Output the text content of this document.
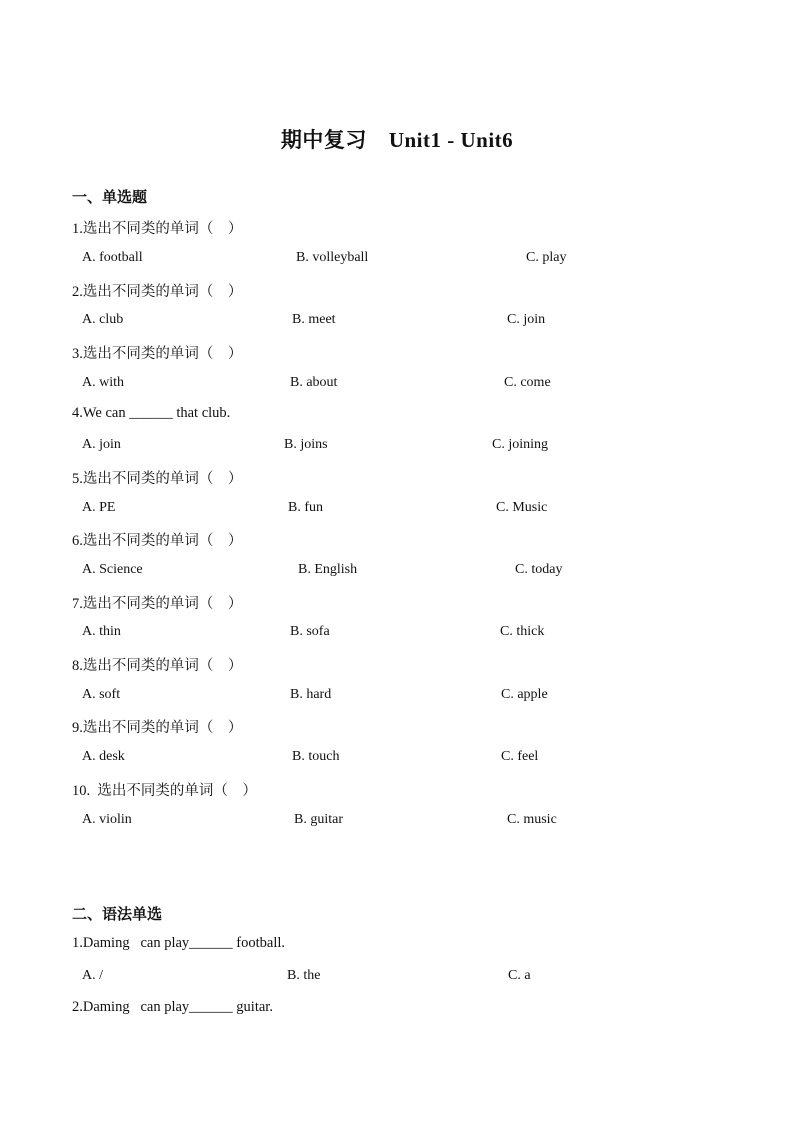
期中复习 Unit1 - Unit6
一、单选题
1.选出不同类的单词（　）
A. football	B. volleyball	C. play
2.选出不同类的单词（　）
A. club	B. meet	C. join
3.选出不同类的单词（　）
A. with	B. about	C. come
4.We can ______ that club.
A. join	B. joins	C. joining
5.选出不同类的单词（　）
A. PE	B. fun	C. Music
6.选出不同类的单词（　）
A. Science	B. English	C. today
7.选出不同类的单词（　）
A. thin	B. sofa	C. thick
8.选出不同类的单词（　）
A. soft	B. hard	C. apple
9.选出不同类的单词（　）
A. desk	B. touch	C. feel
10.  选出不同类的单词（　）
A. violin	B. guitar	C. music
二、语法单选
1.Daming   can play______ football.
A. /	B. the	C. a
2.Daming   can play______ guitar.
